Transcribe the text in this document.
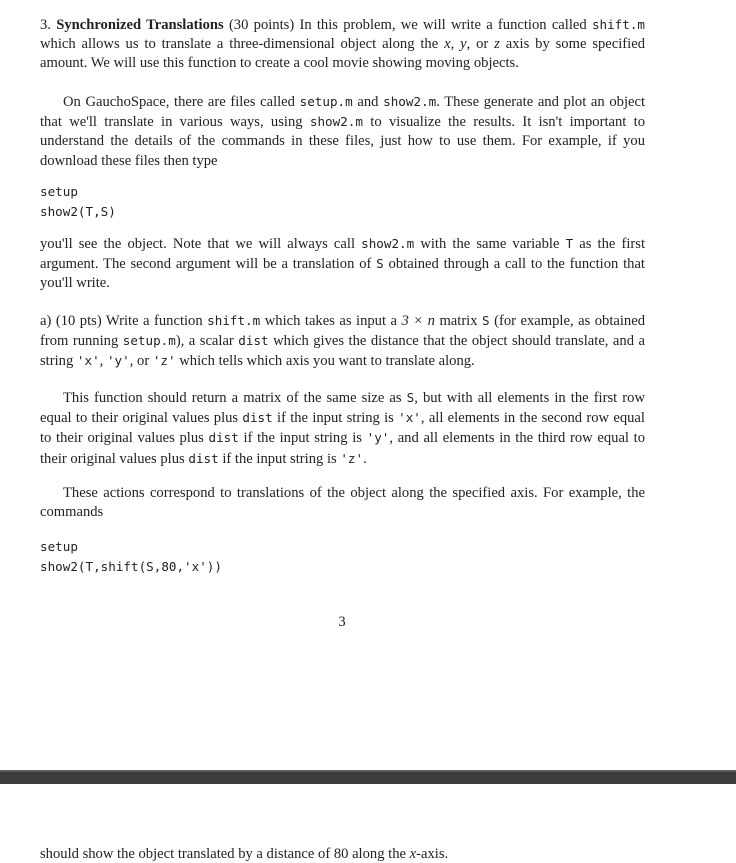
3. Synchronized Translations (30 points) In this problem, we will write a function called shift.m which allows us to translate a three-dimensional object along the x, y, or z axis by some specified amount. We will use this function to create a cool movie showing moving objects.

On GauchoSpace, there are files called setup.m and show2.m. These generate and plot an object that we'll translate in various ways, using show2.m to visualize the results. It isn't important to understand the details of the commands in these files, just how to use them. For example, if you download these files then type

setup
show2(T,S)

you'll see the object. Note that we will always call show2.m with the same variable T as the first argument. The second argument will be a translation of S obtained through a call to the function that you'll write.

a) (10 pts) Write a function shift.m which takes as input a 3 × n matrix S (for example, as obtained from running setup.m), a scalar dist which gives the distance that the object should translate, and a string 'x', 'y', or 'z' which tells which axis you want to translate along.

This function should return a matrix of the same size as S, but with all elements in the first row equal to their original values plus dist if the input string is 'x', all elements in the second row equal to their original values plus dist if the input string is 'y', and all elements in the third row equal to their original values plus dist if the input string is 'z'.

These actions correspond to translations of the object along the specified axis. For example, the commands

setup
show2(T,shift(S,80,'x'))
3
should show the object translated by a distance of 80 along the x-axis.
